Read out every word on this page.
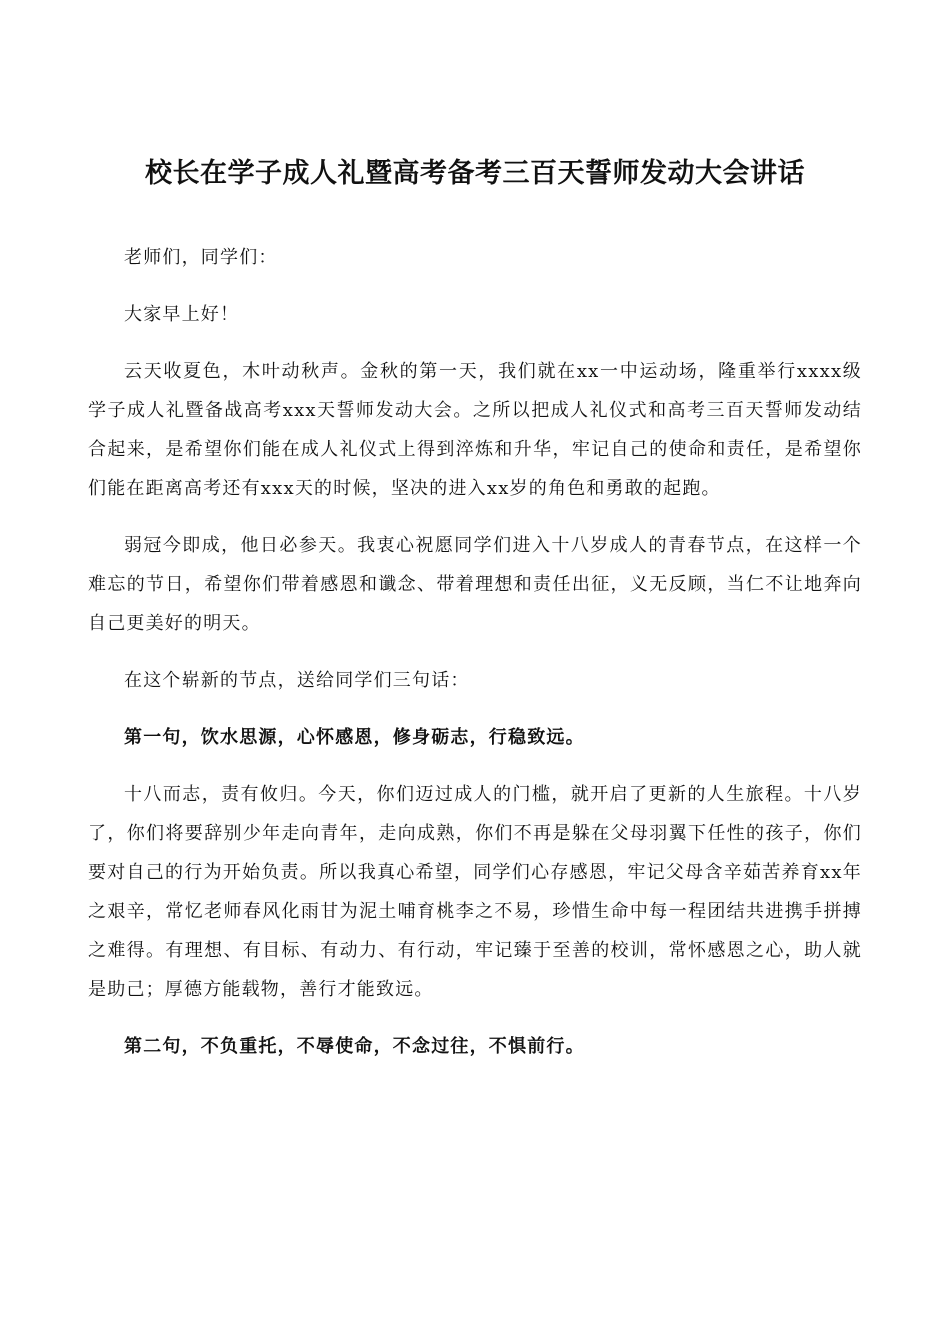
校长在学子成人礼暨高考备考三百天誓师发动大会讲话

老师们，同学们：

大家早上好！

云天收夏色，木叶动秋声。金秋的第一天，我们就在xx一中运动场，隆重举行xxxx级学子成人礼暨备战高考xxx天誓师发动大会。之所以把成人礼仪式和高考三百天誓师发动结合起来，是希望你们能在成人礼仪式上得到淬炼和升华，牢记自己的使命和责任，是希望你们能在距离高考还有xxx天的时候，坚决的进入xx岁的角色和勇敢的起跑。

弱冠今即成，他日必参天。我衷心祝愿同学们进入十八岁成人的青春节点，在这样一个难忘的节日，希望你们带着感恩和谶念、带着理想和责任出征，义无反顾，当仁不让地奔向自己更美好的明天。

在这个崭新的节点，送给同学们三句话：

第一句，饮水思源，心怀感恩，修身砺志，行稳致远。

十八而志，责有攸归。今天，你们迈过成人的门槛，就开启了更新的人生旅程。十八岁了，你们将要辞别少年走向青年，走向成熟，你们不再是躲在父母羽翼下任性的孩子，你们要对自己的行为开始负责。所以我真心希望，同学们心存感恩，牢记父母含辛茹苦养育xx年之艰辛，常忆老师春风化雨甘为泥土哺育桃李之不易，珍惜生命中每一程团结共进携手拼搏之难得。有理想、有目标、有动力、有行动，牢记臻于至善的校训，常怀感恩之心，助人就是助己；厚德方能载物，善行才能致远。

第二句，不负重托，不辱使命，不念过往，不惧前行。
